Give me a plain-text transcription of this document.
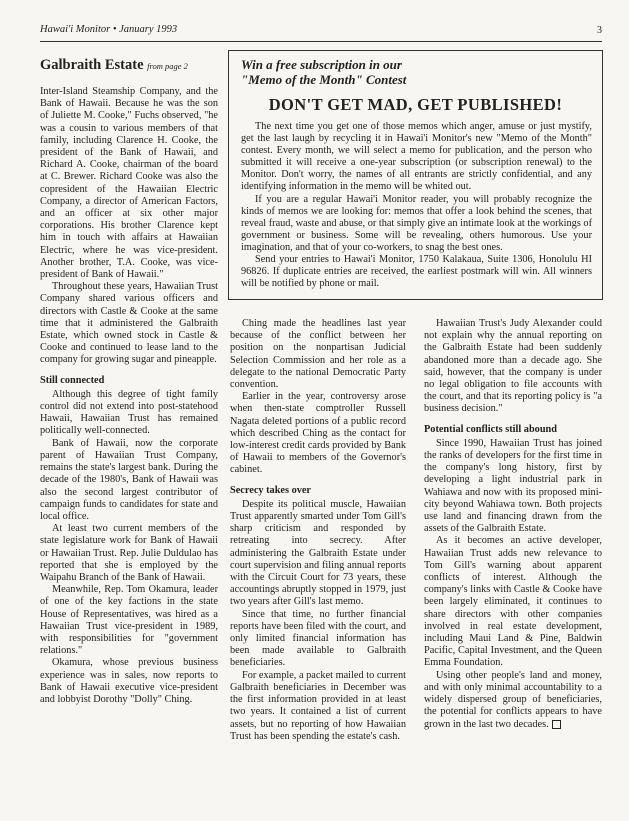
Hawai'i Monitor • January 1993	3
Galbraith Estate from page 2

Inter-Island Steamship Company, and the Bank of Hawaii. Because he was the son of Juliette M. Cooke," Fuchs observed, "he was a cousin to various members of that family, including Clarence H. Cooke, the president of the Bank of Hawaii, and Richard A. Cooke, chairman of the board at C. Brewer. Richard Cooke was also the copresident of the Hawaiian Electric Company, a director of American Factors, and an officer at six other major corporations. His brother Clarence kept him in touch with affairs at Hawaiian Electric, where he was vice-president. Another brother, T.A. Cooke, was vice-president of Bank of Hawaii."

Throughout these years, Hawaiian Trust Company shared various officers and directors with Castle & Cooke at the same time that it administered the Galbraith Estate, which owned stock in Castle & Cooke and continued to lease land to the company for growing sugar and pineapple.

Still connected

Although this degree of tight family control did not extend into post-statehood Hawaii, Hawaiian Trust has remained politically well-connected.

Bank of Hawaii, now the corporate parent of Hawaiian Trust Company, remains the state's largest bank. During the decade of the 1980's, Bank of Hawaii was also the second largest contributor of campaign funds to candidates for state and local office.

At least two current members of the state legislature work for Bank of Hawaii or Hawaiian Trust. Rep. Julie Duldulao has reported that she is employed by the Waipahu Branch of the Bank of Hawaii.

Meanwhile, Rep. Tom Okamura, leader of one of the key factions in the state House of Representatives, was hired as a Hawaiian Trust vice-president in 1989, with responsibilities for "government relations."

Okamura, whose previous business experience was in sales, now reports to Bank of Hawaii executive vice-president and lobbyist Dorothy "Dolly" Ching.

Win a free subscription in our
"Memo of the Month" Contest
DON'T GET MAD, GET PUBLISHED!

The next time you get one of those memos which anger, amuse or just mystify, get the last laugh by recycling it in Hawai'i Monitor's new "Memo of the Month" contest. Every month, we will select a memo for publication, and the person who submitted it will receive a one-year subscription (or subscription renewal) to the Monitor. Don't worry, the names of all entrants are strictly confidential, and any identifying information in the memo will be whited out.

If you are a regular Hawai'i Monitor reader, you will probably recognize the kinds of memos we are looking for: memos that offer a look behind the scenes, that reveal fraud, waste and abuse, or that simply give an intimate look at the workings of government or business. Some will be revealing, others humorous. Use your imagination, and that of your co-workers, to snag the best ones.

Send your entries to Hawai'i Monitor, 1750 Kalakaua, Suite 1306, Honolulu HI 96826. If duplicate entries are received, the earliest postmark will win. All winners will be notified by phone or mail.

Ching made the headlines last year because of the conflict between her position on the nonpartisan Judicial Selection Commission and her role as a delegate to the national Democratic Party convention.

Earlier in the year, controversy arose when then-state comptroller Russell Nagata deleted portions of a public record which described Ching as the contact for low-interest credit cards provided by Bank of Hawaii to members of the Governor's cabinet.

Secrecy takes over

Despite its political muscle, Hawaiian Trust apparently smarted under Tom Gill's sharp criticism and responded by retreating into secrecy. After administering the Galbraith Estate under court supervision and filing annual reports with the Circuit Court for 73 years, these accountings abruptly stopped in 1979, just two years after Gill's last memo.

Since that time, no further financial reports have been filed with the court, and only limited financial information has been made available to Galbraith beneficiaries.

For example, a packet mailed to current Galbraith beneficiaries in December was the first information provided in at least two years. It contained a list of current assets, but no reporting of how Hawaiian Trust has been spending the estate's cash.

Hawaiian Trust's Judy Alexander could not explain why the annual reporting on the Galbraith Estate had been suddenly abandoned more than a decade ago. She said, however, that the company is under no legal obligation to file accounts with the court, and that its reporting policy is "a business decision."

Potential conflicts still abound

Since 1990, Hawaiian Trust has joined the ranks of developers for the first time in the company's long history, first by developing a light industrial park in Wahiawa and now with its proposed mini-city beyond Wahiawa town. Both projects use land and financing drawn from the assets of the Galbraith Estate.

As it becomes an active developer, Hawaiian Trust adds new relevance to Tom Gill's warning about apparent conflicts of interest. Although the company's links with Castle & Cooke have been largely eliminated, it continues to share directors with other companies involved in real estate development, including Maui Land & Pine, Baldwin Pacific, Capital Investment, and the Queen Emma Foundation.

Using other people's land and money, and with only minimal accountability to a widely dispersed group of beneficiaries, the potential for conflicts appears to have grown in the last two decades.
